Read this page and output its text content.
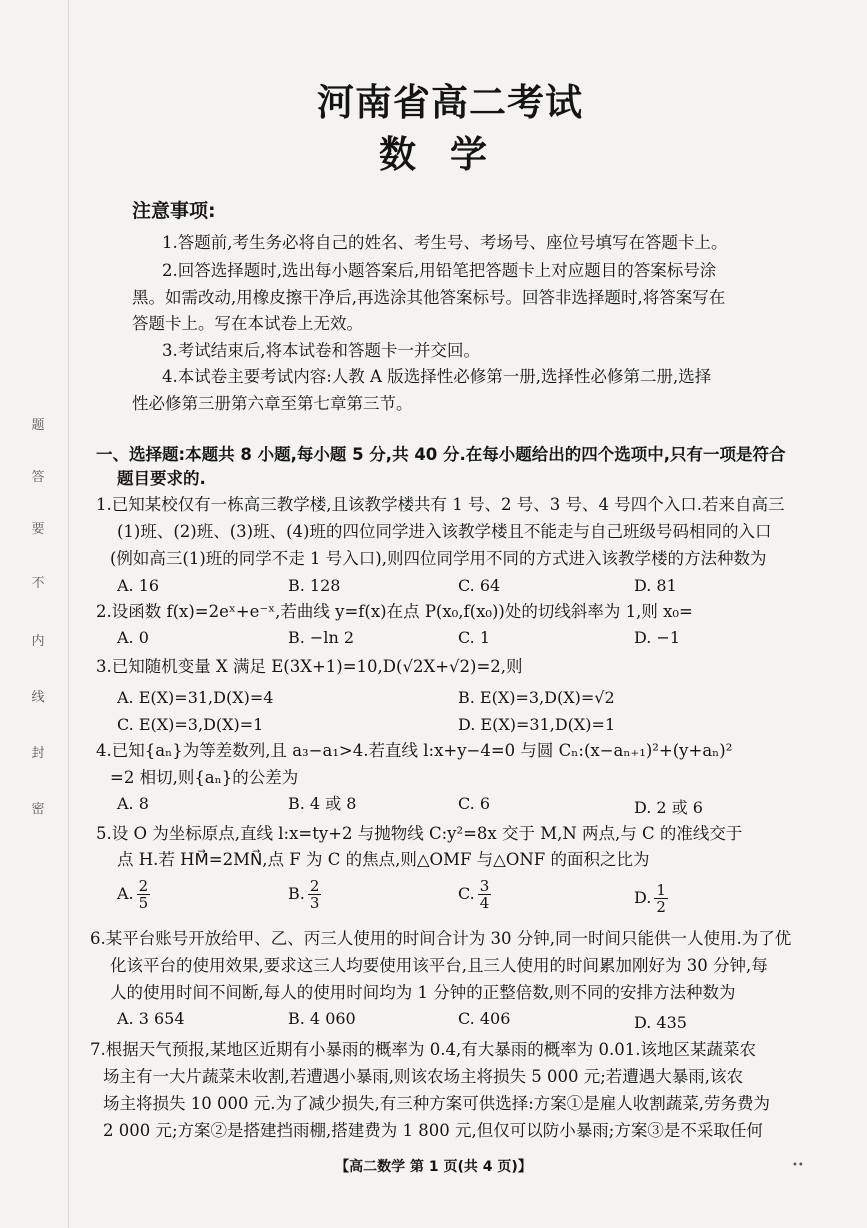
题
答
要
不
内
线
封
密
河南省高二考试
数学
注意事项:
1.答题前,考生务必将自己的姓名、考生号、考场号、座位号填写在答题卡上。
2.回答选择题时,选出每小题答案后,用铅笔把答题卡上对应题目的答案标号涂
黑。如需改动,用橡皮擦干净后,再选涂其他答案标号。回答非选择题时,将答案写在
答题卡上。写在本试卷上无效。
3.考试结束后,将本试卷和答题卡一并交回。
4.本试卷主要考试内容:人教 A 版选择性必修第一册,选择性必修第二册,选择
性必修第三册第六章至第七章第三节。
一、选择题:本题共 8 小题,每小题 5 分,共 40 分.在每小题给出的四个选项中,只有一项是符合
题目要求的.
1.已知某校仅有一栋高三教学楼,且该教学楼共有 1 号、2 号、3 号、4 号四个入口.若来自高三
(1)班、(2)班、(3)班、(4)班的四位同学进入该教学楼且不能走与自己班级号码相同的入口
(例如高三(1)班的同学不走 1 号入口),则四位同学用不同的方式进入该教学楼的方法种数为
A. 16	B. 128	C. 64	D. 81
2.设函数 f(x)=2eˣ+e⁻ˣ,若曲线 y=f(x)在点 P(x₀,f(x₀))处的切线斜率为 1,则 x₀=
A. 0	B. −ln 2	C. 1	D. −1
3.已知随机变量 X 满足 E(3X+1)=10,D(√2X+√2)=2,则
A. E(X)=31,D(X)=4	B. E(X)=3,D(X)=√2
C. E(X)=3,D(X)=1	D. E(X)=31,D(X)=1
4.已知{aₙ}为等差数列,且 a₃−a₁>4.若直线 l:x+y−4=0 与圆 Cₙ:(x−aₙ₊₁)²+(y+aₙ)²
=2 相切,则{aₙ}的公差为
A. 8	B. 4 或 8	C. 6	D. 2 或 6
5.设 O 为坐标原点,直线 l:x=ty+2 与抛物线 C:y²=8x 交于 M,N 两点,与 C 的准线交于
点 H.若 HM⃗=2MN⃗,点 F 为 C 的焦点,则△OMF 与△ONF 的面积之比为
A. $\frac{2}{5}$	B. $\frac{2}{3}$	C. $\frac{3}{4}$	D. $\frac{1}{2}$
6.某平台账号开放给甲、乙、丙三人使用的时间合计为 30 分钟,同一时间只能供一人使用.为了优
化该平台的使用效果,要求这三人均要使用该平台,且三人使用的时间累加刚好为 30 分钟,每
人的使用时间不间断,每人的使用时间均为 1 分钟的正整倍数,则不同的安排方法种数为
A. 3 654	B. 4 060	C. 406	D. 435
7.根据天气预报,某地区近期有小暴雨的概率为 0.4,有大暴雨的概率为 0.01.该地区某蔬菜农
场主有一大片蔬菜未收割,若遭遇小暴雨,则该农场主将损失 5 000 元;若遭遇大暴雨,该农
场主将损失 10 000 元.为了减少损失,有三种方案可供选择:方案①是雇人收割蔬菜,劳务费为
2 000 元;方案②是搭建挡雨棚,搭建费为 1 800 元,但仅可以防小暴雨;方案③是不采取任何
【高二数学 第 1 页(共 4 页)】	••
